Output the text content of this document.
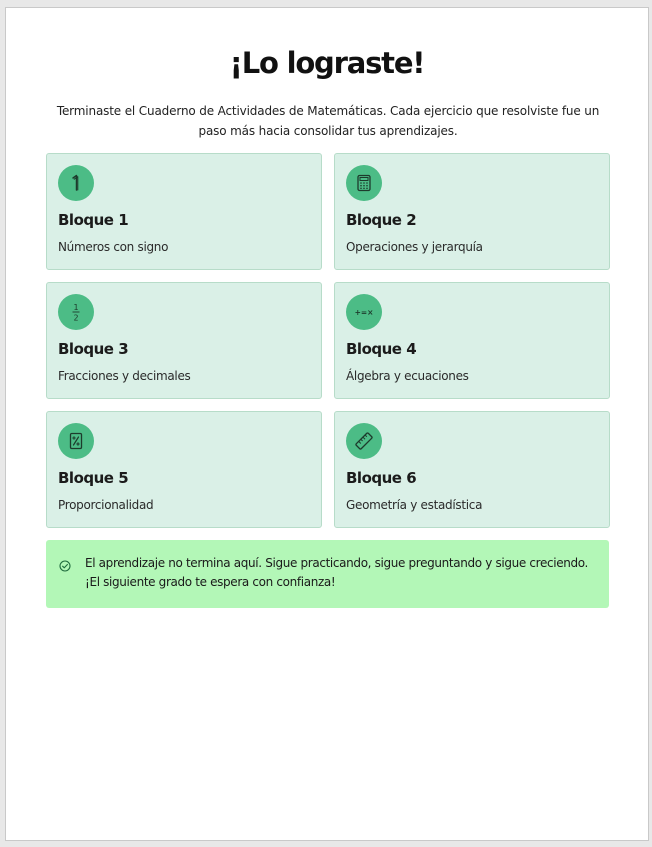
¡Lo lograste!

Terminaste el Cuaderno de Actividades de Matemáticas. Cada ejercicio que resolviste fue un paso más hacia consolidar tus aprendizajes.

Bloque 1
Números con signo
Bloque 2
Operaciones y jerarquía
1
2
Bloque 3
Fracciones y decimales
+=×
Bloque 4
Álgebra y ecuaciones
Bloque 5
Proporcionalidad
Bloque 6
Geometría y estadística

El aprendizaje no termina aquí. Sigue practicando, sigue preguntando y sigue creciendo. ¡El siguiente grado te espera con confianza!
